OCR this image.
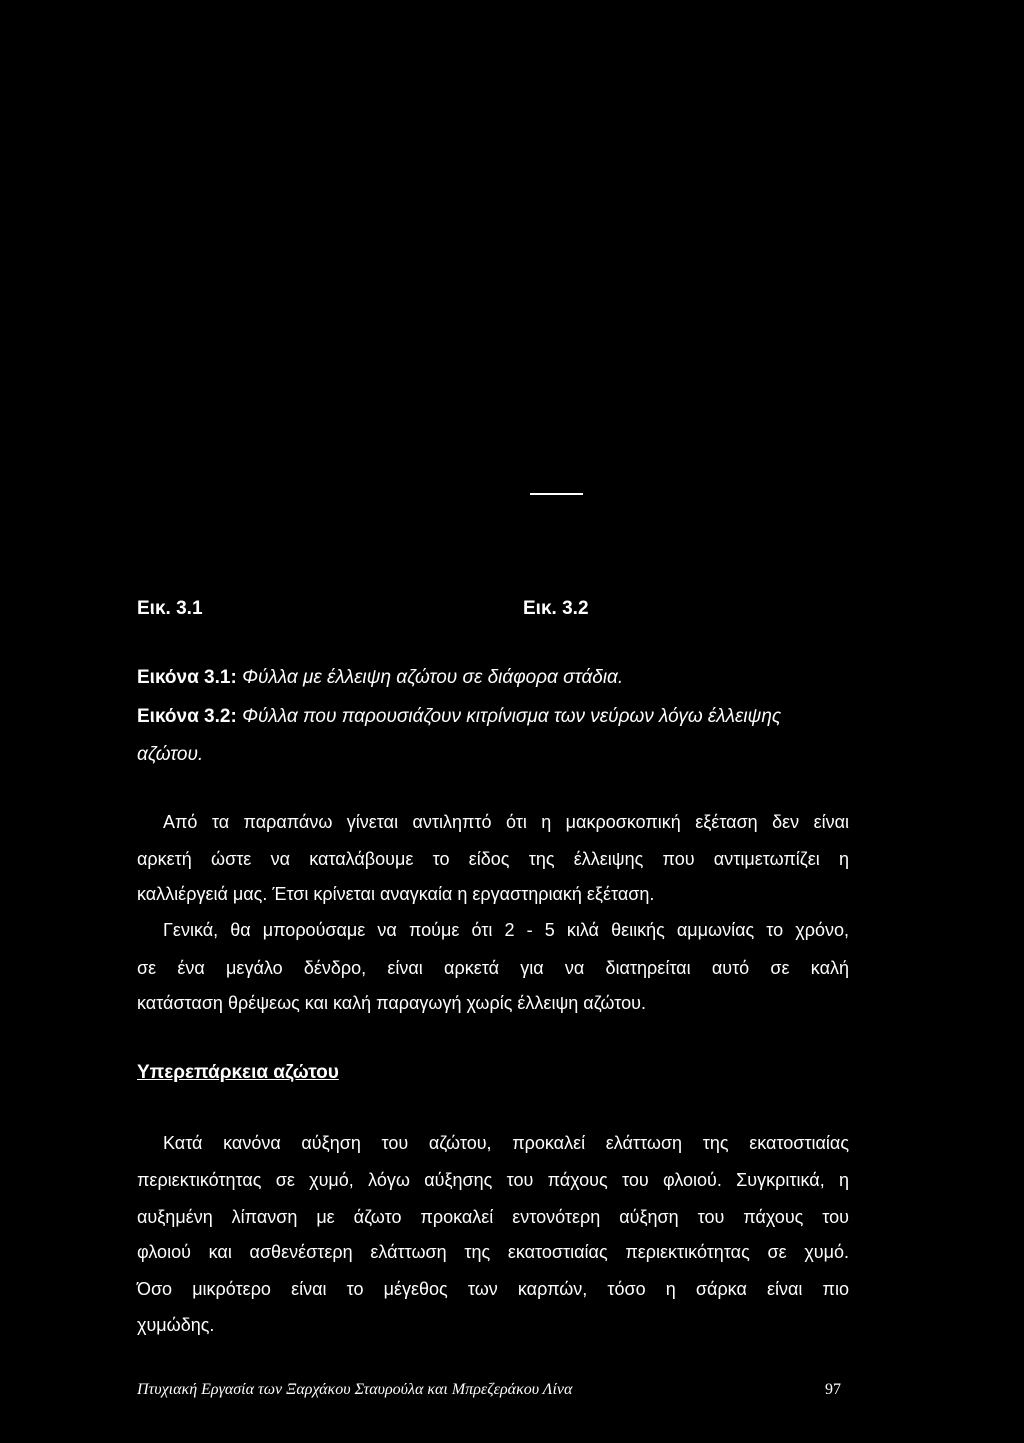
Εικ. 3.1	Εικ. 3.2
Εικόνα 3.1: Φύλλα με έλλειψη αζώτου σε διάφορα στάδια.
Εικόνα 3.2: Φύλλα που παρουσιάζουν κιτρίνισμα των νεύρων λόγω έλλειψης
αζώτου.
Από τα παραπάνω γίνεται αντιληπτό ότι η μακροσκοπική εξέταση δεν είναι
αρκετή ώστε να καταλάβουμε το είδος της έλλειψης που αντιμετωπίζει η
καλλιέργειά μας. Έτσι κρίνεται αναγκαία η εργαστηριακή εξέταση.
Γενικά, θα μπορούσαμε να πούμε ότι 2 - 5 κιλά θειικής αμμωνίας το χρόνο,
σε ένα μεγάλο δένδρο, είναι αρκετά για να διατηρείται αυτό σε καλή
κατάσταση θρέψεως και καλή παραγωγή χωρίς έλλειψη αζώτου.
Υπερεπάρκεια αζώτου
Κατά κανόνα αύξηση του αζώτου, προκαλεί ελάττωση της εκατοστιαίας
περιεκτικότητας σε χυμό, λόγω αύξησης του πάχους του φλοιού. Συγκριτικά, η
αυξημένη λίπανση με άζωτο προκαλεί εντονότερη αύξηση του πάχους του
φλοιού και ασθενέστερη ελάττωση της εκατοστιαίας περιεκτικότητας σε χυμό.
Όσο μικρότερο είναι το μέγεθος των καρπών, τόσο η σάρκα είναι πιο
χυμώδης.
Πτυχιακή Εργασία των Ξαρχάκου Σταυρούλα και Μπρεζεράκου Λίνα	97
